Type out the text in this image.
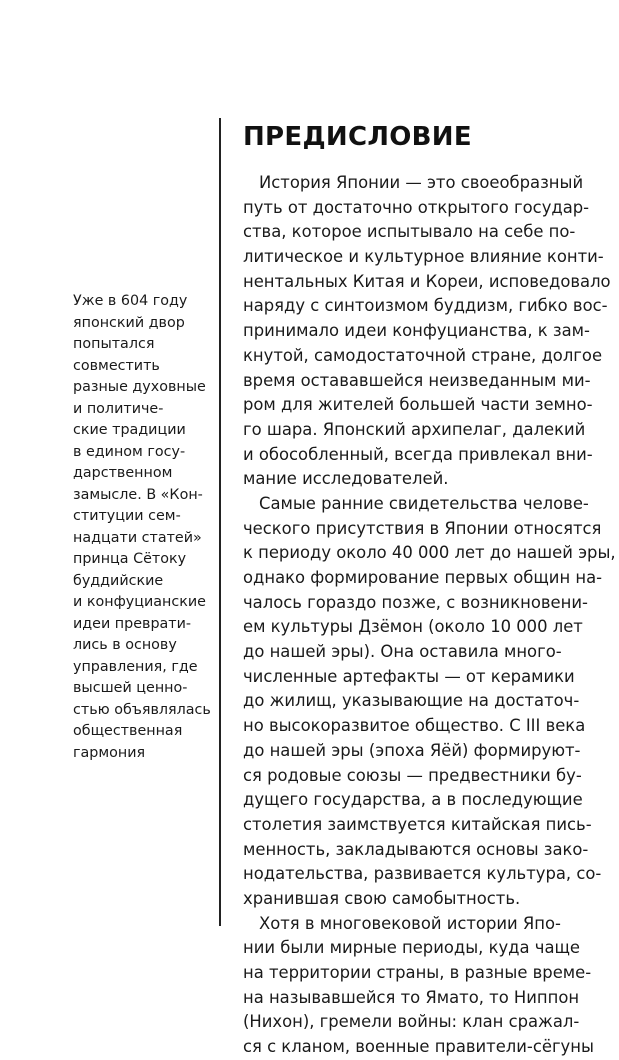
Уже в 604 году
японский двор
попытался
совместить
разные духовные
и политиче-
ские традиции
в едином госу-
дарственном
замысле. В «Кон-
ституции сем-
надцати статей»
принца Сётоку
буддийские
и конфуцианские
идеи преврати-
лись в основу
управления, где
высшей ценно-
стью объявлялась
общественная
гармония
ПРЕДИСЛОВИЕ
История Японии — это своеобразный
путь от достаточно открытого государ-
ства, которое испытывало на себе по-
литическое и культурное влияние конти-
нентальных Китая и Кореи, исповедовало
наряду с синтоизмом буддизм, гибко вос-
принимало идеи конфуцианства, к зам-
кнутой, самодостаточной стране, долгое
время остававшейся неизведанным ми-
ром для жителей большей части земно-
го шара. Японский архипелаг, далекий
и обособленный, всегда привлекал вни-
мание исследователей.
Самые ранние свидетельства челове-
ческого присутствия в Японии относятся
к периоду около 40 000 лет до нашей эры,
однако формирование первых общин на-
чалось гораздо позже, с возникновени-
ем культуры Дзёмон (около 10 000 лет
до нашей эры). Она оставила много-
численные артефакты — от керамики
до жилищ, указывающие на достаточ-
но высокоразвитое общество. С III века
до нашей эры (эпоха Яёй) формируют-
ся родовые союзы — предвестники бу-
дущего государства, а в последующие
столетия заимствуется китайская пись-
менность, закладываются основы зако-
нодательства, развивается культура, со-
хранившая свою самобытность.
Хотя в многовековой истории Япо-
нии были мирные периоды, куда чаще
на территории страны, в разные време-
на называвшейся то Ямато, то Ниппон
(Нихон), гремели войны: клан сражал-
ся с кланом, военные правители-сёгуны
